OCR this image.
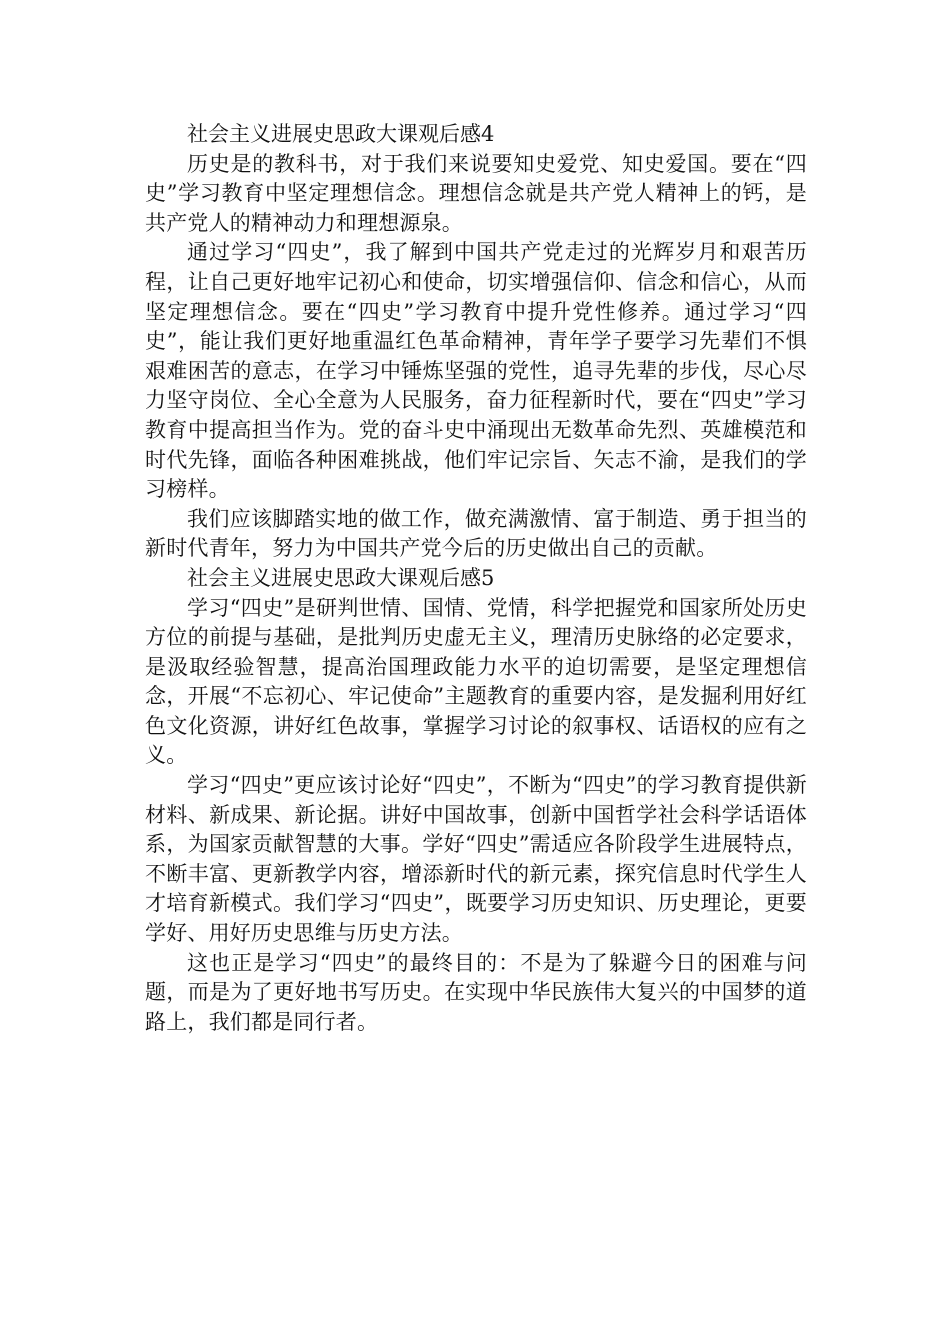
社会主义进展史思政大课观后感4

历史是的教科书，对于我们来说要知史爱党、知史爱国。要在“四史”学习教育中坚定理想信念。理想信念就是共产党人精神上的钙，是共产党人的精神动力和理想源泉。

通过学习“四史”，我了解到中国共产党走过的光辉岁月和艰苦历程，让自己更好地牢记初心和使命，切实增强信仰、信念和信心，从而坚定理想信念。要在“四史”学习教育中提升党性修养。通过学习“四史”，能让我们更好地重温红色革命精神，青年学子要学习先辈们不惧艰难困苦的意志，在学习中锤炼坚强的党性，追寻先辈的步伐，尽心尽力坚守岗位、全心全意为人民服务，奋力征程新时代，要在“四史”学习教育中提高担当作为。党的奋斗史中涌现出无数革命先烈、英雄模范和时代先锋，面临各种困难挑战，他们牢记宗旨、矢志不渝，是我们的学习榜样。

我们应该脚踏实地的做工作，做充满激情、富于制造、勇于担当的新时代青年，努力为中国共产党今后的历史做出自己的贡献。

社会主义进展史思政大课观后感5

学习“四史”是研判世情、国情、党情，科学把握党和国家所处历史方位的前提与基础，是批判历史虚无主义，理清历史脉络的必定要求，是汲取经验智慧，提高治国理政能力水平的迫切需要，是坚定理想信念，开展“不忘初心、牢记使命”主题教育的重要内容，是发掘利用好红色文化资源，讲好红色故事，掌握学习讨论的叙事权、话语权的应有之义。

学习“四史”更应该讨论好“四史”，不断为“四史”的学习教育提供新材料、新成果、新论据。讲好中国故事，创新中国哲学社会科学话语体系，为国家贡献智慧的大事。学好“四史”需适应各阶段学生进展特点，不断丰富、更新教学内容，增添新时代的新元素，探究信息时代学生人才培育新模式。我们学习“四史”，既要学习历史知识、历史理论，更要学好、用好历史思维与历史方法。

这也正是学习“四史”的最终目的：不是为了躲避今日的困难与问题，而是为了更好地书写历史。在实现中华民族伟大复兴的中国梦的道路上，我们都是同行者。
